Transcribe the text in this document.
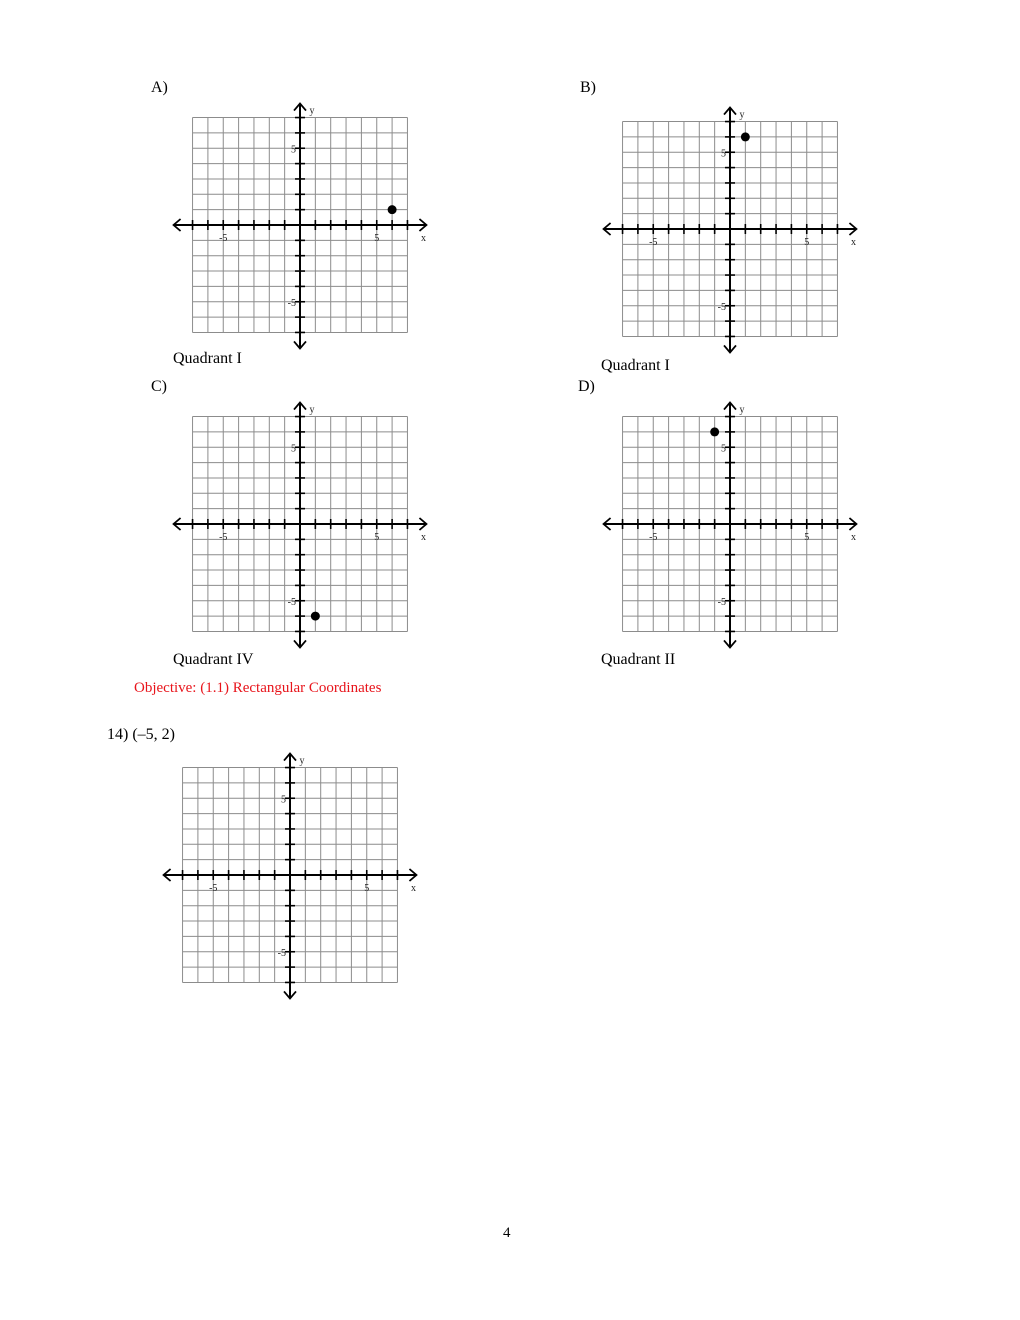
A)	B)
C)	D)
-5	5
5
-5
x
y
-5	5
5
-5
x
y
-5	5
5
-5
x
y
-5	5
5
-5
x
y
-5	5
5
-5
x
y
Quadrant I	Quadrant I
Quadrant IV	Quadrant II
Objective: (1.1) Rectangular Coordinates
14) (–5, 2)
4
